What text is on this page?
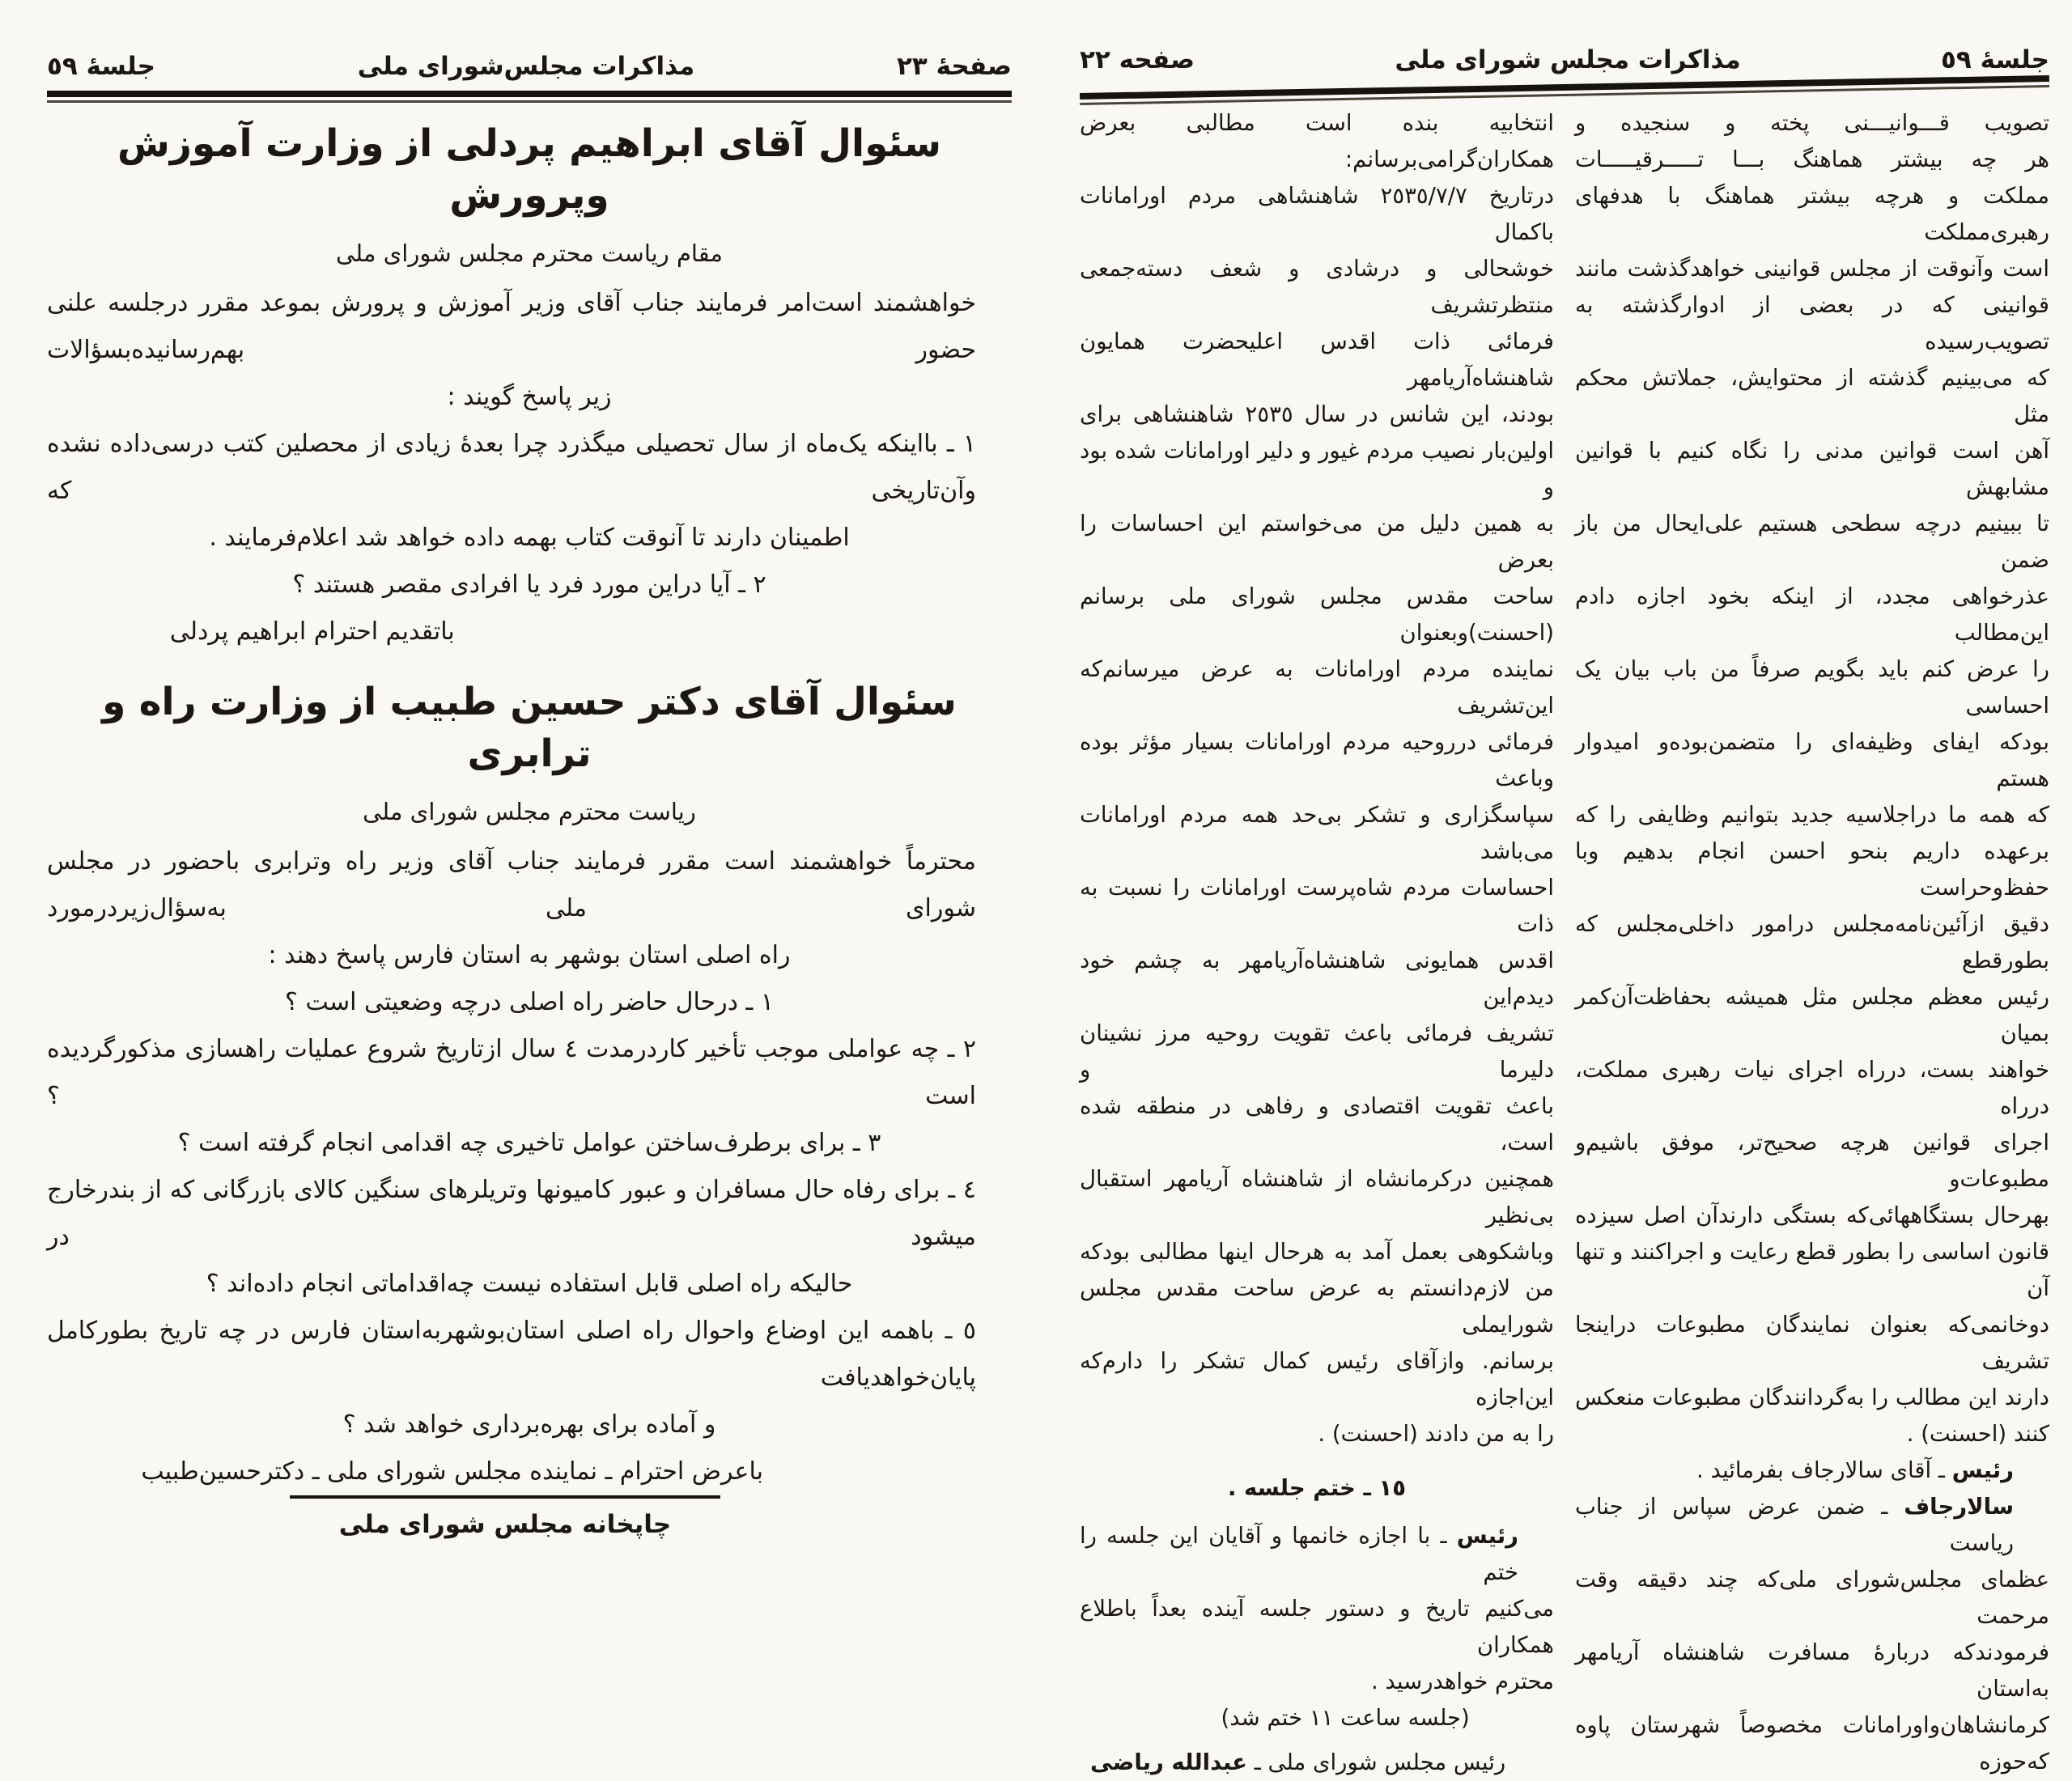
صفحهٔ ٢٣
مذاکرات مجلس‌شورای ملی
جلسهٔ ٥٩
سئوال آقای ابراهیم پردلی از وزارت آموزش وپرورش
مقام ریاست محترم مجلس شورای ملی
خواهشمند است‌امر فرمایند جناب آقای وزیر آموزش و پرورش بموعد مقرر درجلسه علنی حضور بهم‌رسانیده‌بسؤالات
زیر پاسخ گویند :
١ ـ بااینکه یک‌ماه از سال تحصیلی میگذرد چرا بعدهٔ زیادی از محصلین کتب درسی‌داده نشده وآن‌تاریخی که
اطمینان دارند تا آنوقت کتاب بهمه داده خواهد شد اعلام‌فرمایند .
٢ ـ آیا دراین مورد فرد یا افرادی مقصر هستند ؟
باتقدیم احترام ابراهیم پردلی
سئوال آقای دکتر حسین طبیب از وزارت راه و ترابری
ریاست محترم مجلس شورای ملی
محترماً خواهشمند است مقرر فرمایند جناب آقای وزیر راه وترابری باحضور در مجلس شورای ملی به‌سؤال‌زیردرمورد
راه اصلی استان بوشهر به استان فارس پاسخ دهند :
١ ـ درحال حاضر راه اصلی درچه وضعیتی است ؟
٢ ـ چه عواملی موجب تأخیر کاردرمدت ٤ سال ازتاریخ شروع عملیات راهسازی مذکورگردیده است ؟
٣ ـ برای برطرف‌ساختن عوامل تاخیری چه اقدامی انجام گرفته است ؟
٤ ـ برای رفاه حال مسافران و عبور کامیونها وتریلرهای سنگین کالای بازرگانی که از بندرخارج میشود در
حالیکه راه اصلی قابل استفاده نیست چه‌اقداماتی انجام داده‌اند ؟
٥ ـ باهمه این اوضاع واحوال راه اصلی استان‌بوشهربه‌استان فارس در چه تاریخ بطورکامل پایان‌خواهدیافت
و آماده برای بهره‌برداری خواهد شد ؟
باعرض احترام ـ نماینده مجلس شورای ملی ـ دکترحسین‌طبیب
چاپخانه مجلس شورای ملی
جلسهٔ ٥٩
مذاکرات مجلس شورای ملی
صفحه ٢٢
تصویب قـــوانیـــنی پخته و سنجیده و
هر چه بیشتر هماهنگ بـــا تـــــرقیـــــات
مملکت و هرچه بیشتر هماهنگ با هدفهای رهبری‌مملکت
است وآنوقت از مجلس قوانینی خواهدگذشت مانند
قوانینی که در بعضی از ادوارگذشته به تصویب‌رسیده
که می‌بینیم گذشته از محتوایش، جملاتش محکم مثل
آهن است قوانین مدنی را نگاه کنیم با قوانین مشابهش
تا ببینیم درچه سطحی هستیم علی‌ایحال من باز ضمن
عذرخواهی مجدد، از اینکه بخود اجازه دادم این‌مطالب
را عرض کنم باید بگویم صرفاً من باب بیان یک احساسی
بودکه ایفای وظیفه‌ای را متضمن‌بوده‌و امیدوار هستم
که همه ما دراجلاسیه جدید بتوانیم وظایفی را که
برعهده داریم بنحو احسن انجام بدهیم وبا حفظ‌وحراست
دقیق ازآئین‌نامه‌مجلس درامور داخلی‌مجلس که بطورقطع
رئیس معظم مجلس مثل همیشه بحفاظت‌آن‌کمر بمیان
خواهند بست، درراه اجرای نیات رهبری مملکت، درراه
اجرای قوانین هرچه صحیح‌تر، موفق باشیم‌و مطبوعات‌و
بهرحال بستگاههائی‌که بستگی دارندآن اصل سیزده
قانون اساسی را بطور قطع رعایت و اجراکنند و تنها آن
دوخانمی‌که بعنوان نمایندگان مطبوعات دراینجا تشریف
دارند این مطالب را به‌گردانندگان مطبوعات منعکس
کنند (احسنت) .
رئیس ـ آقای سالارجاف بفرمائید .
سالارجاف ـ ضمن عرض سپاس از جناب ریاست
عظمای مجلس‌شورای ملی‌که چند دقیقه وقت مرحمت
فرمودندکه دربارهٔ مسافرت شاهنشاه آریامهر به‌استان
کرمانشاهان‌واورامانات مخصوصاً شهرستان پاوه که‌حوزه
انتخابیه بنده است مطالبی بعرض همکاران‌گرامی‌برسانم:
درتاریخ ٢٥٣٥/٧/٧ شاهنشاهی مردم اورامانات باکمال
خوشحالی و درشادی و شعف دسته‌جمعی منتظرتشریف
فرمائی ذات اقدس اعلیحضرت همایون شاهنشاه‌آریامهر
بودند، این شانس در سال ٢٥٣٥ شاهنشاهی برای
اولین‌بار نصیب مردم غیور و دلیر اورامانات شده بود و
به همین دلیل من می‌خواستم این احساسات را بعرض
ساحت مقدس مجلس شورای ملی برسانم (احسنت)وبعنوان
نماینده مردم اورامانات به عرض میرسانم‌که این‌تشریف
فرمائی درروحیه مردم اورامانات بسیار مؤثر بوده وباعث
سپاسگزاری و تشکر بی‌حد همه مردم اورامانات می‌باشد
احساسات مردم شاه‌پرست اورامانات را نسبت به ذات
اقدس همایونی شاهنشاه‌آریامهر به چشم خود دیدم‌این
تشریف فرمائی باعث تقویت روحیه مرز نشینان دلیرما و
باعث تقویت اقتصادی و رفاهی در منطقه شده است،
همچنین درکرمانشاه از شاهنشاه آریامهر استقبال بی‌نظیر
وباشکوهی بعمل آمد به هرحال اینها مطالبی بودکه
من لازم‌دانستم به عرض ساحت مقدس مجلس شورایملی
برسانم. وازآقای رئیس کمال تشکر را دارم‌که این‌اجازه
را به من دادند (احسنت) .
١٥ ـ ختم جلسه .
رئیس ـ با اجازه خانمها و آقایان این جلسه را ختم
می‌کنیم تاریخ و دستور جلسه آینده بعداً باطلاع همکاران
محترم خواهدرسید .
(جلسه ساعت ١١ ختم شد)
رئیس مجلس شورای ملی ـ عبدالله ریاضی
